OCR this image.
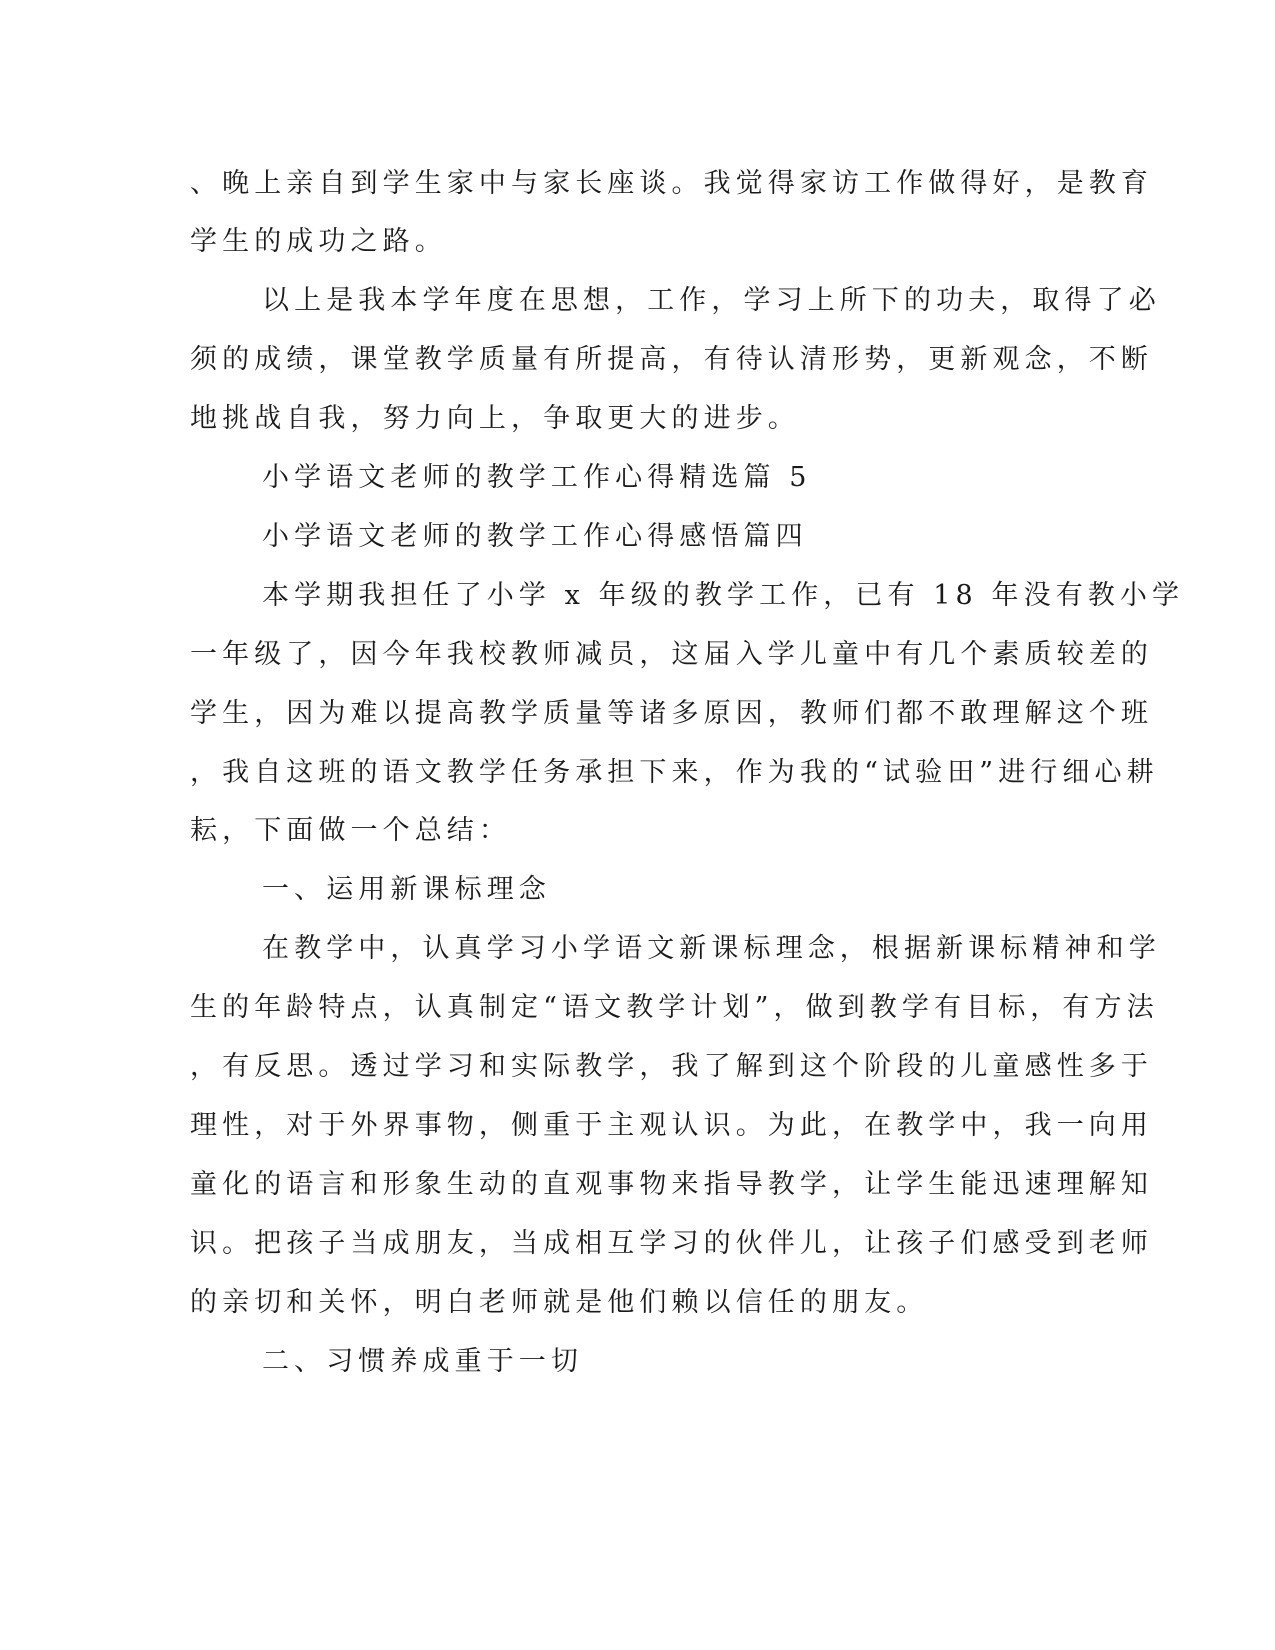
、晚上亲自到学生家中与家长座谈。我觉得家访工作做得好，是教育
学生的成功之路。
以上是我本学年度在思想，工作，学习上所下的功夫，取得了必
须的成绩，课堂教学质量有所提高，有待认清形势，更新观念，不断
地挑战自我，努力向上，争取更大的进步。
小学语文老师的教学工作心得精选篇 5
小学语文老师的教学工作心得感悟篇四
本学期我担任了小学 x 年级的教学工作，已有 18 年没有教小学
一年级了，因今年我校教师减员，这届入学儿童中有几个素质较差的
学生，因为难以提高教学质量等诸多原因，教师们都不敢理解这个班
，我自这班的语文教学任务承担下来，作为我的“试验田”进行细心耕
耘，下面做一个总结：
一、运用新课标理念
在教学中，认真学习小学语文新课标理念，根据新课标精神和学
生的年龄特点，认真制定“语文教学计划”，做到教学有目标，有方法
，有反思。透过学习和实际教学，我了解到这个阶段的儿童感性多于
理性，对于外界事物，侧重于主观认识。为此，在教学中，我一向用
童化的语言和形象生动的直观事物来指导教学，让学生能迅速理解知
识。把孩子当成朋友，当成相互学习的伙伴儿，让孩子们感受到老师
的亲切和关怀，明白老师就是他们赖以信任的朋友。
二、习惯养成重于一切
